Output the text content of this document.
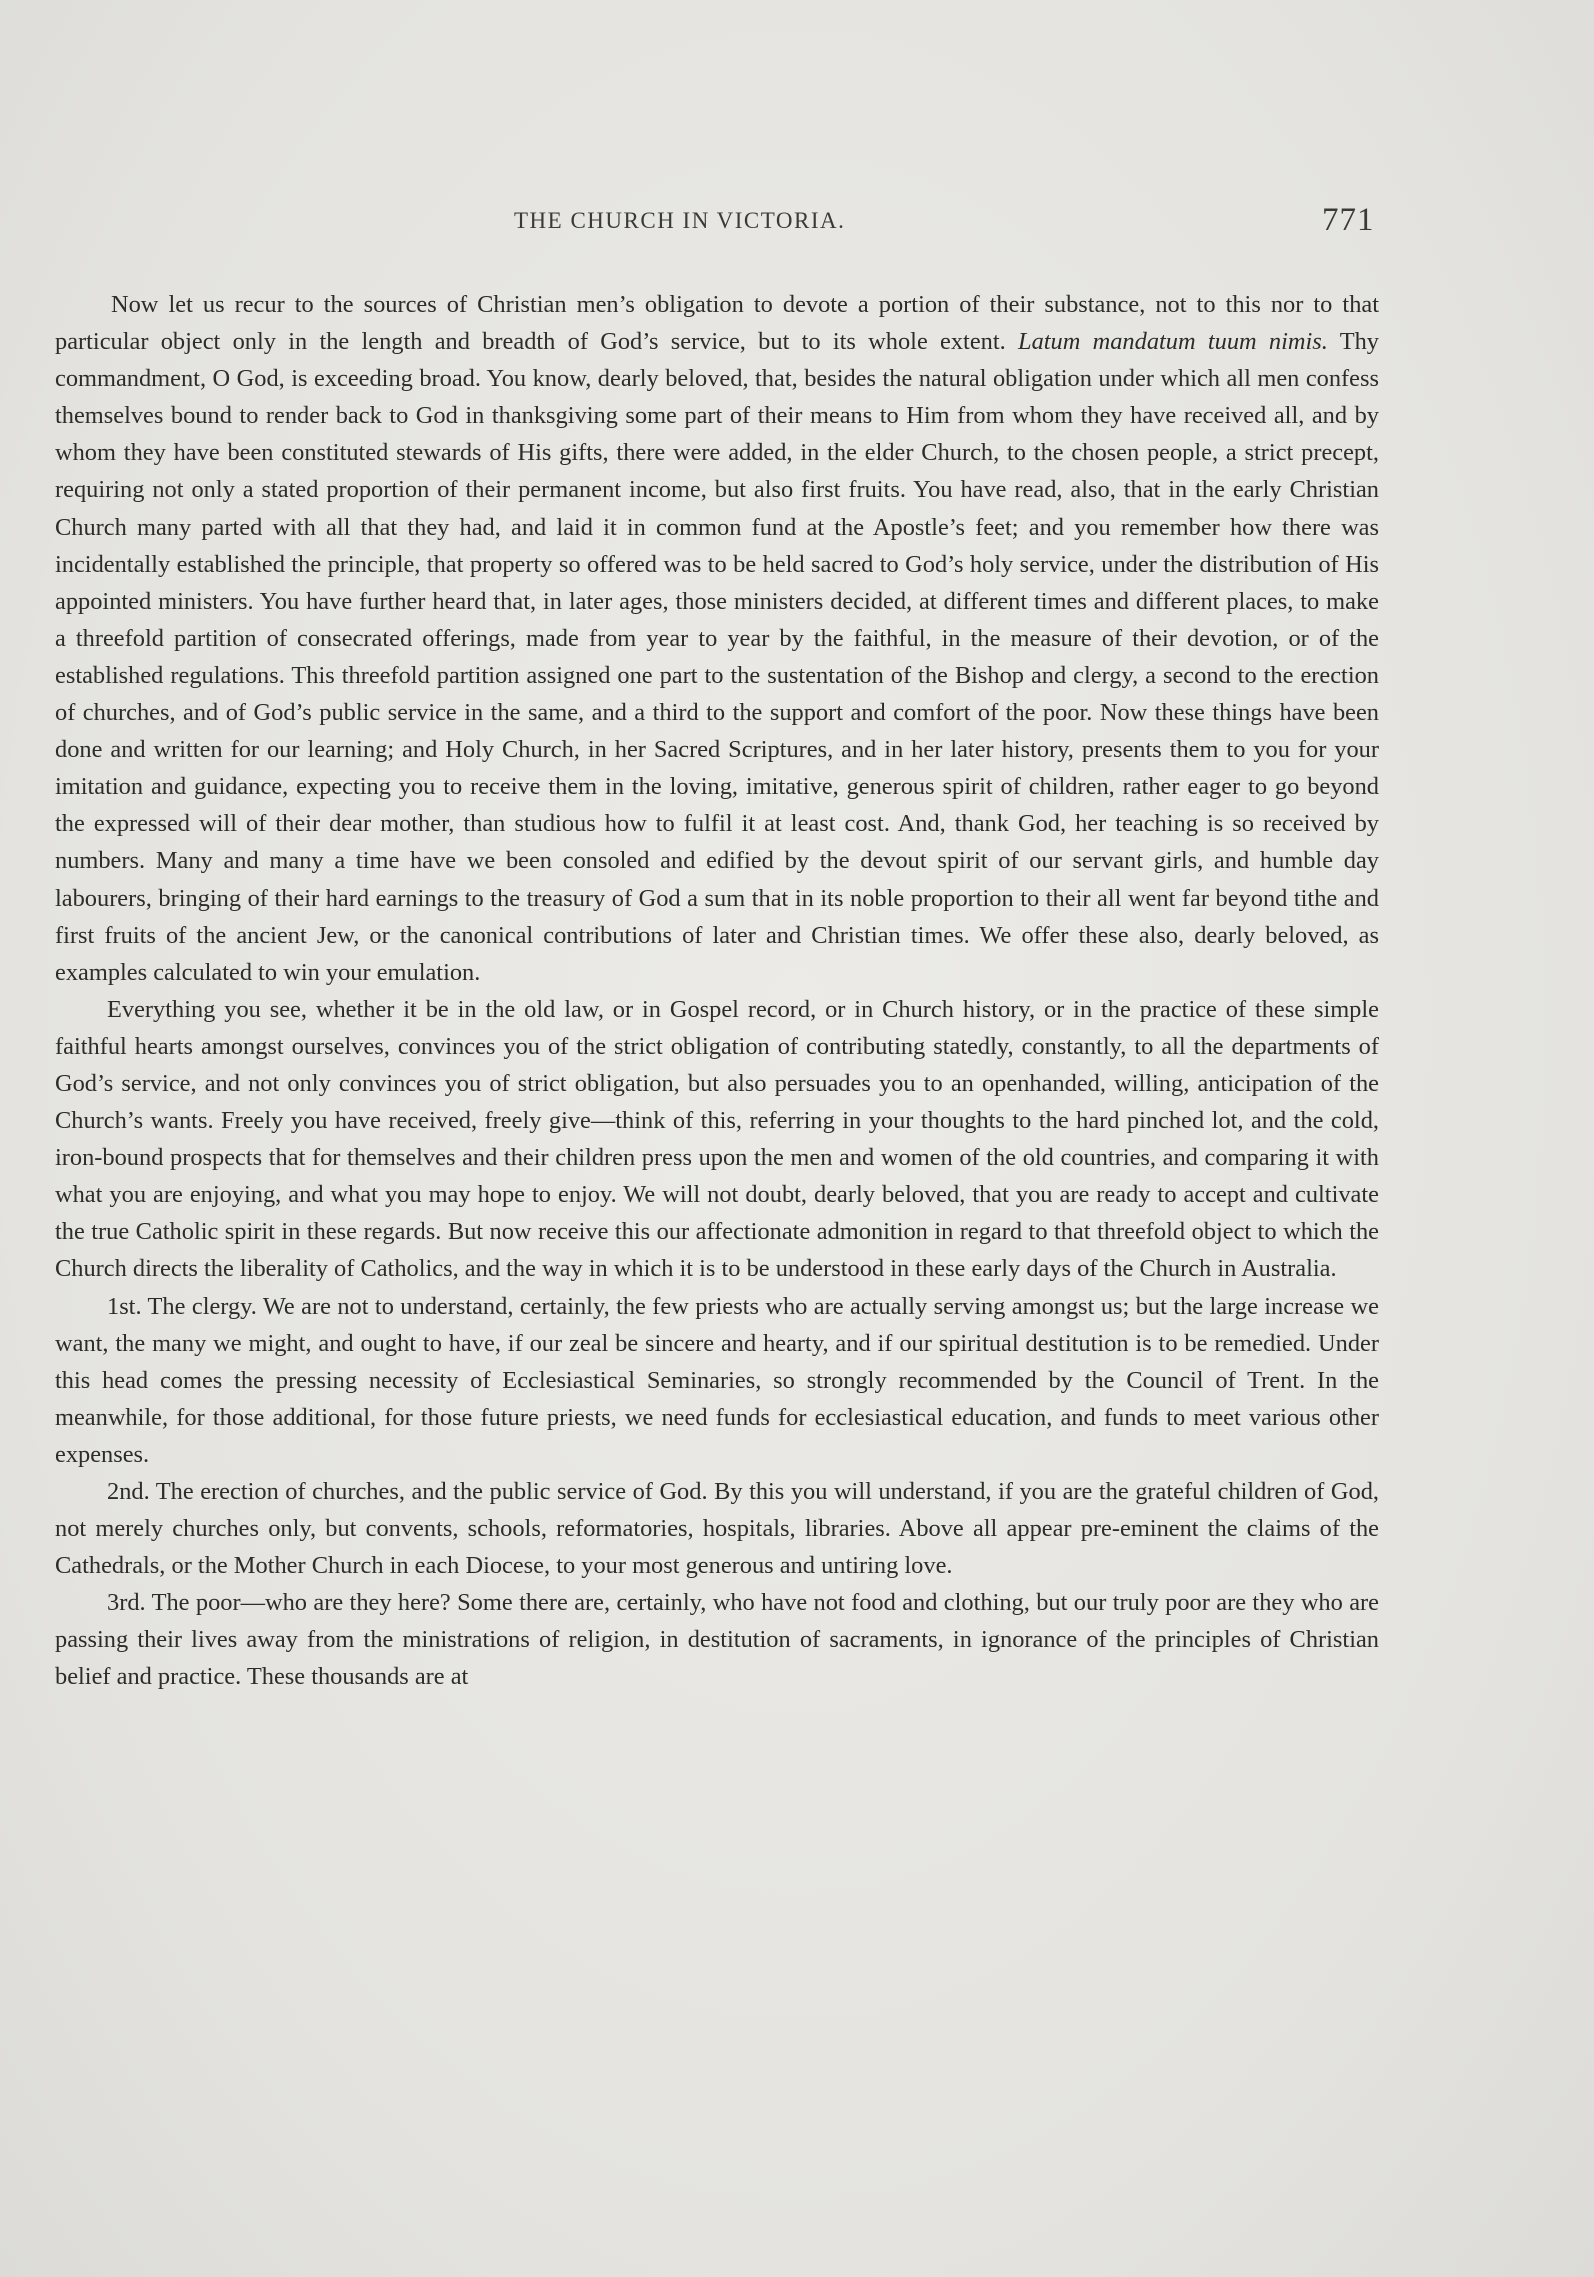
THE CHURCH IN VICTORIA.	771

Now let us recur to the sources of Christian men’s obligation to devote a portion of their substance, not to this nor to that particular object only in the length and breadth of God’s service, but to its whole extent. Latum mandatum tuum nimis. Thy commandment, O God, is exceeding broad. You know, dearly beloved, that, besides the natural obligation under which all men confess themselves bound to render back to God in thanksgiving some part of their means to Him from whom they have received all, and by whom they have been constituted stewards of His gifts, there were added, in the elder Church, to the chosen people, a strict precept, requiring not only a stated proportion of their permanent income, but also first fruits. You have read, also, that in the early Christian Church many parted with all that they had, and laid it in common fund at the Apostle’s feet; and you remember how there was incidentally established the principle, that property so offered was to be held sacred to God’s holy service, under the distribution of His appointed ministers. You have further heard that, in later ages, those ministers decided, at different times and different places, to make a threefold partition of consecrated offerings, made from year to year by the faithful, in the measure of their devotion, or of the established regulations. This threefold partition assigned one part to the sustentation of the Bishop and clergy, a second to the erection of churches, and of God’s public service in the same, and a third to the support and comfort of the poor. Now these things have been done and written for our learning; and Holy Church, in her Sacred Scriptures, and in her later history, presents them to you for your imitation and guidance, expecting you to receive them in the loving, imitative, generous spirit of children, rather eager to go beyond the expressed will of their dear mother, than studious how to fulfil it at least cost. And, thank God, her teaching is so received by numbers. Many and many a time have we been consoled and edified by the devout spirit of our servant girls, and humble day labourers, bringing of their hard earnings to the treasury of God a sum that in its noble proportion to their all went far beyond tithe and first fruits of the ancient Jew, or the canonical contributions of later and Christian times. We offer these also, dearly beloved, as examples calculated to win your emulation.

Everything you see, whether it be in the old law, or in Gospel record, or in Church history, or in the practice of these simple faithful hearts amongst ourselves, convinces you of the strict obligation of contributing statedly, constantly, to all the departments of God’s service, and not only convinces you of strict obligation, but also persuades you to an openhanded, willing, anticipation of the Church’s wants. Freely you have received, freely give—think of this, referring in your thoughts to the hard pinched lot, and the cold, iron-bound prospects that for themselves and their children press upon the men and women of the old countries, and comparing it with what you are enjoying, and what you may hope to enjoy. We will not doubt, dearly beloved, that you are ready to accept and cultivate the true Catholic spirit in these regards. But now receive this our affectionate admonition in regard to that threefold object to which the Church directs the liberality of Catholics, and the way in which it is to be understood in these early days of the Church in Australia.

1st. The clergy. We are not to understand, certainly, the few priests who are actually serving amongst us; but the large increase we want, the many we might, and ought to have, if our zeal be sincere and hearty, and if our spiritual destitution is to be remedied. Under this head comes the pressing necessity of Ecclesiastical Seminaries, so strongly recommended by the Council of Trent. In the meanwhile, for those additional, for those future priests, we need funds for ecclesiastical education, and funds to meet various other expenses.

2nd. The erection of churches, and the public service of God. By this you will understand, if you are the grateful children of God, not merely churches only, but convents, schools, reformatories, hospitals, libraries. Above all appear pre-eminent the claims of the Cathedrals, or the Mother Church in each Diocese, to your most generous and untiring love.

3rd. The poor—who are they here? Some there are, certainly, who have not food and clothing, but our truly poor are they who are passing their lives away from the ministrations of religion, in destitution of sacraments, in ignorance of the principles of Christian belief and practice. These thousands are at
